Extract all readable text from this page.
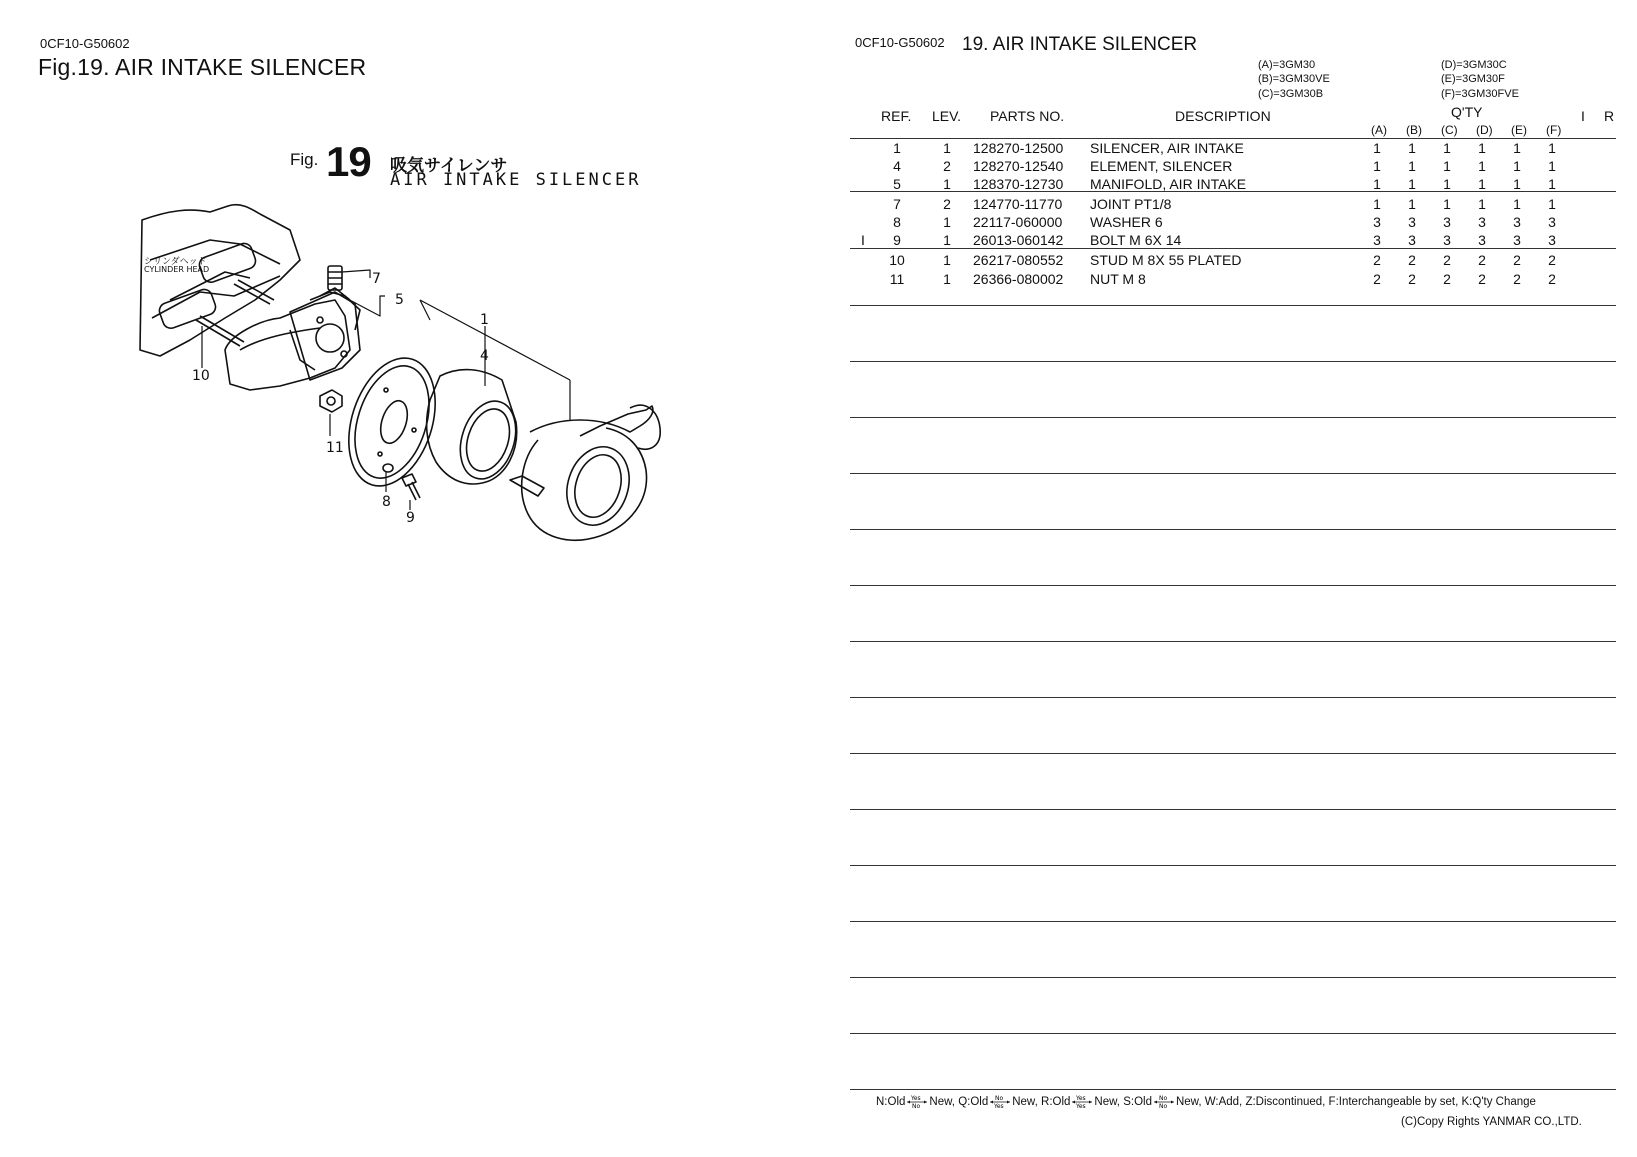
0CF10-G50602
Fig.19. AIR INTAKE SILENCER
Fig. 19 吸気サイレンサ
AIR INTAKE SILENCER
シリンダヘッド
CYLINDER HEAD
7
5
1
4
10
11
8
9
0CF10-G50602 19. AIR INTAKE SILENCER
(A)=3GM30
(B)=3GM30VE
(C)=3GM30B
(D)=3GM30C
(E)=3GM30F
(F)=3GM30FVE
REF. LEV. PARTS NO.	DESCRIPTION	Q'TY	I R
(A) (B) (C) (D) (E) (F)
1	1	128270-12500 SILENCER, AIR INTAKE	1	1	1	1	1	1
4	2	128270-12540 ELEMENT, SILENCER	1	1	1	1	1	1
5	1	128370-12730 MANIFOLD, AIR INTAKE	1	1	1	1	1	1
7	2	124770-11770 JOINT PT1/8	1	1	1	1	1	1
8	1	22117-060000 WASHER 6	3	3	3	3	3	3
I	9	1	26013-060142 BOLT M 6X 14	3	3	3	3	3	3
10	1	26217-080552 STUD M 8X 55 PLATED	2	2	2	2	2	2
11	1	26366-080002 NUT M 8	2	2	2	2	2	2
N:Old Yes
No New, Q:Old No
Yes New, R:Old Yes
Yes New, S:Old No
No New, W:Add, Z:Discontinued, F:Interchangeable by set, K:Q'ty Change
(C)Copy Rights YANMAR CO.,LTD.
